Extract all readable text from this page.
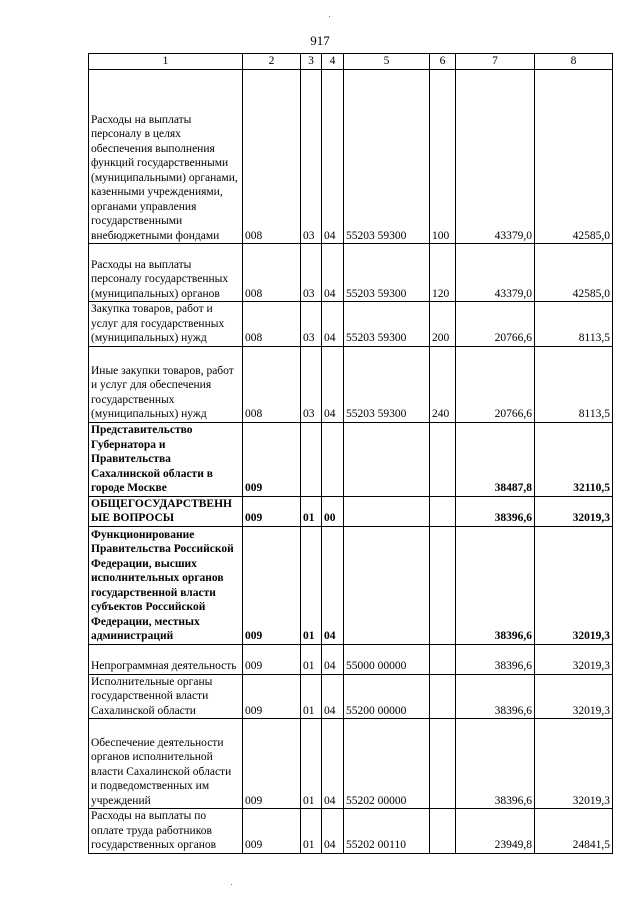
917
1	2	3	4	5	6	7	8
Расходы на выплаты персоналу в целях обеспечения выполнения функций государственными (муниципальными) органами, казенными учреждениями, органами управления государственными внебюджетными фондами	008	03	04	55203 59300	100	43379,0	42585,0
Расходы на выплаты персоналу государственных (муниципальных) органов	008	03	04	55203 59300	120	43379,0	42585,0
Закупка товаров, работ и услуг для государственных (муниципальных) нужд	008	03	04	55203 59300	200	20766,6	8113,5
Иные закупки товаров, работ и услуг для обеспечения государственных (муниципальных) нужд	008	03	04	55203 59300	240	20766,6	8113,5
Представительство Губернатора и Правительства Сахалинской области в городе Москве	009					38487,8	32110,5
ОБЩЕГОСУДАРСТВЕННЫЕ ВОПРОСЫ	009	01	00			38396,6	32019,3
Функционирование Правительства Российской Федерации, высших исполнительных органов государственной власти субъектов Российской Федерации, местных администраций	009	01	04			38396,6	32019,3
Непрограммная деятельность	009	01	04	55000 00000		38396,6	32019,3
Исполнительные органы государственной власти Сахалинской области	009	01	04	55200 00000		38396,6	32019,3
Обеспечение деятельности органов исполнительной власти Сахалинской области и подведомственных им учреждений	009	01	04	55202 00000		38396,6	32019,3
Расходы на выплаты по оплате труда работников государственных органов	009	01	04	55202 00110		23949,8	24841,5
